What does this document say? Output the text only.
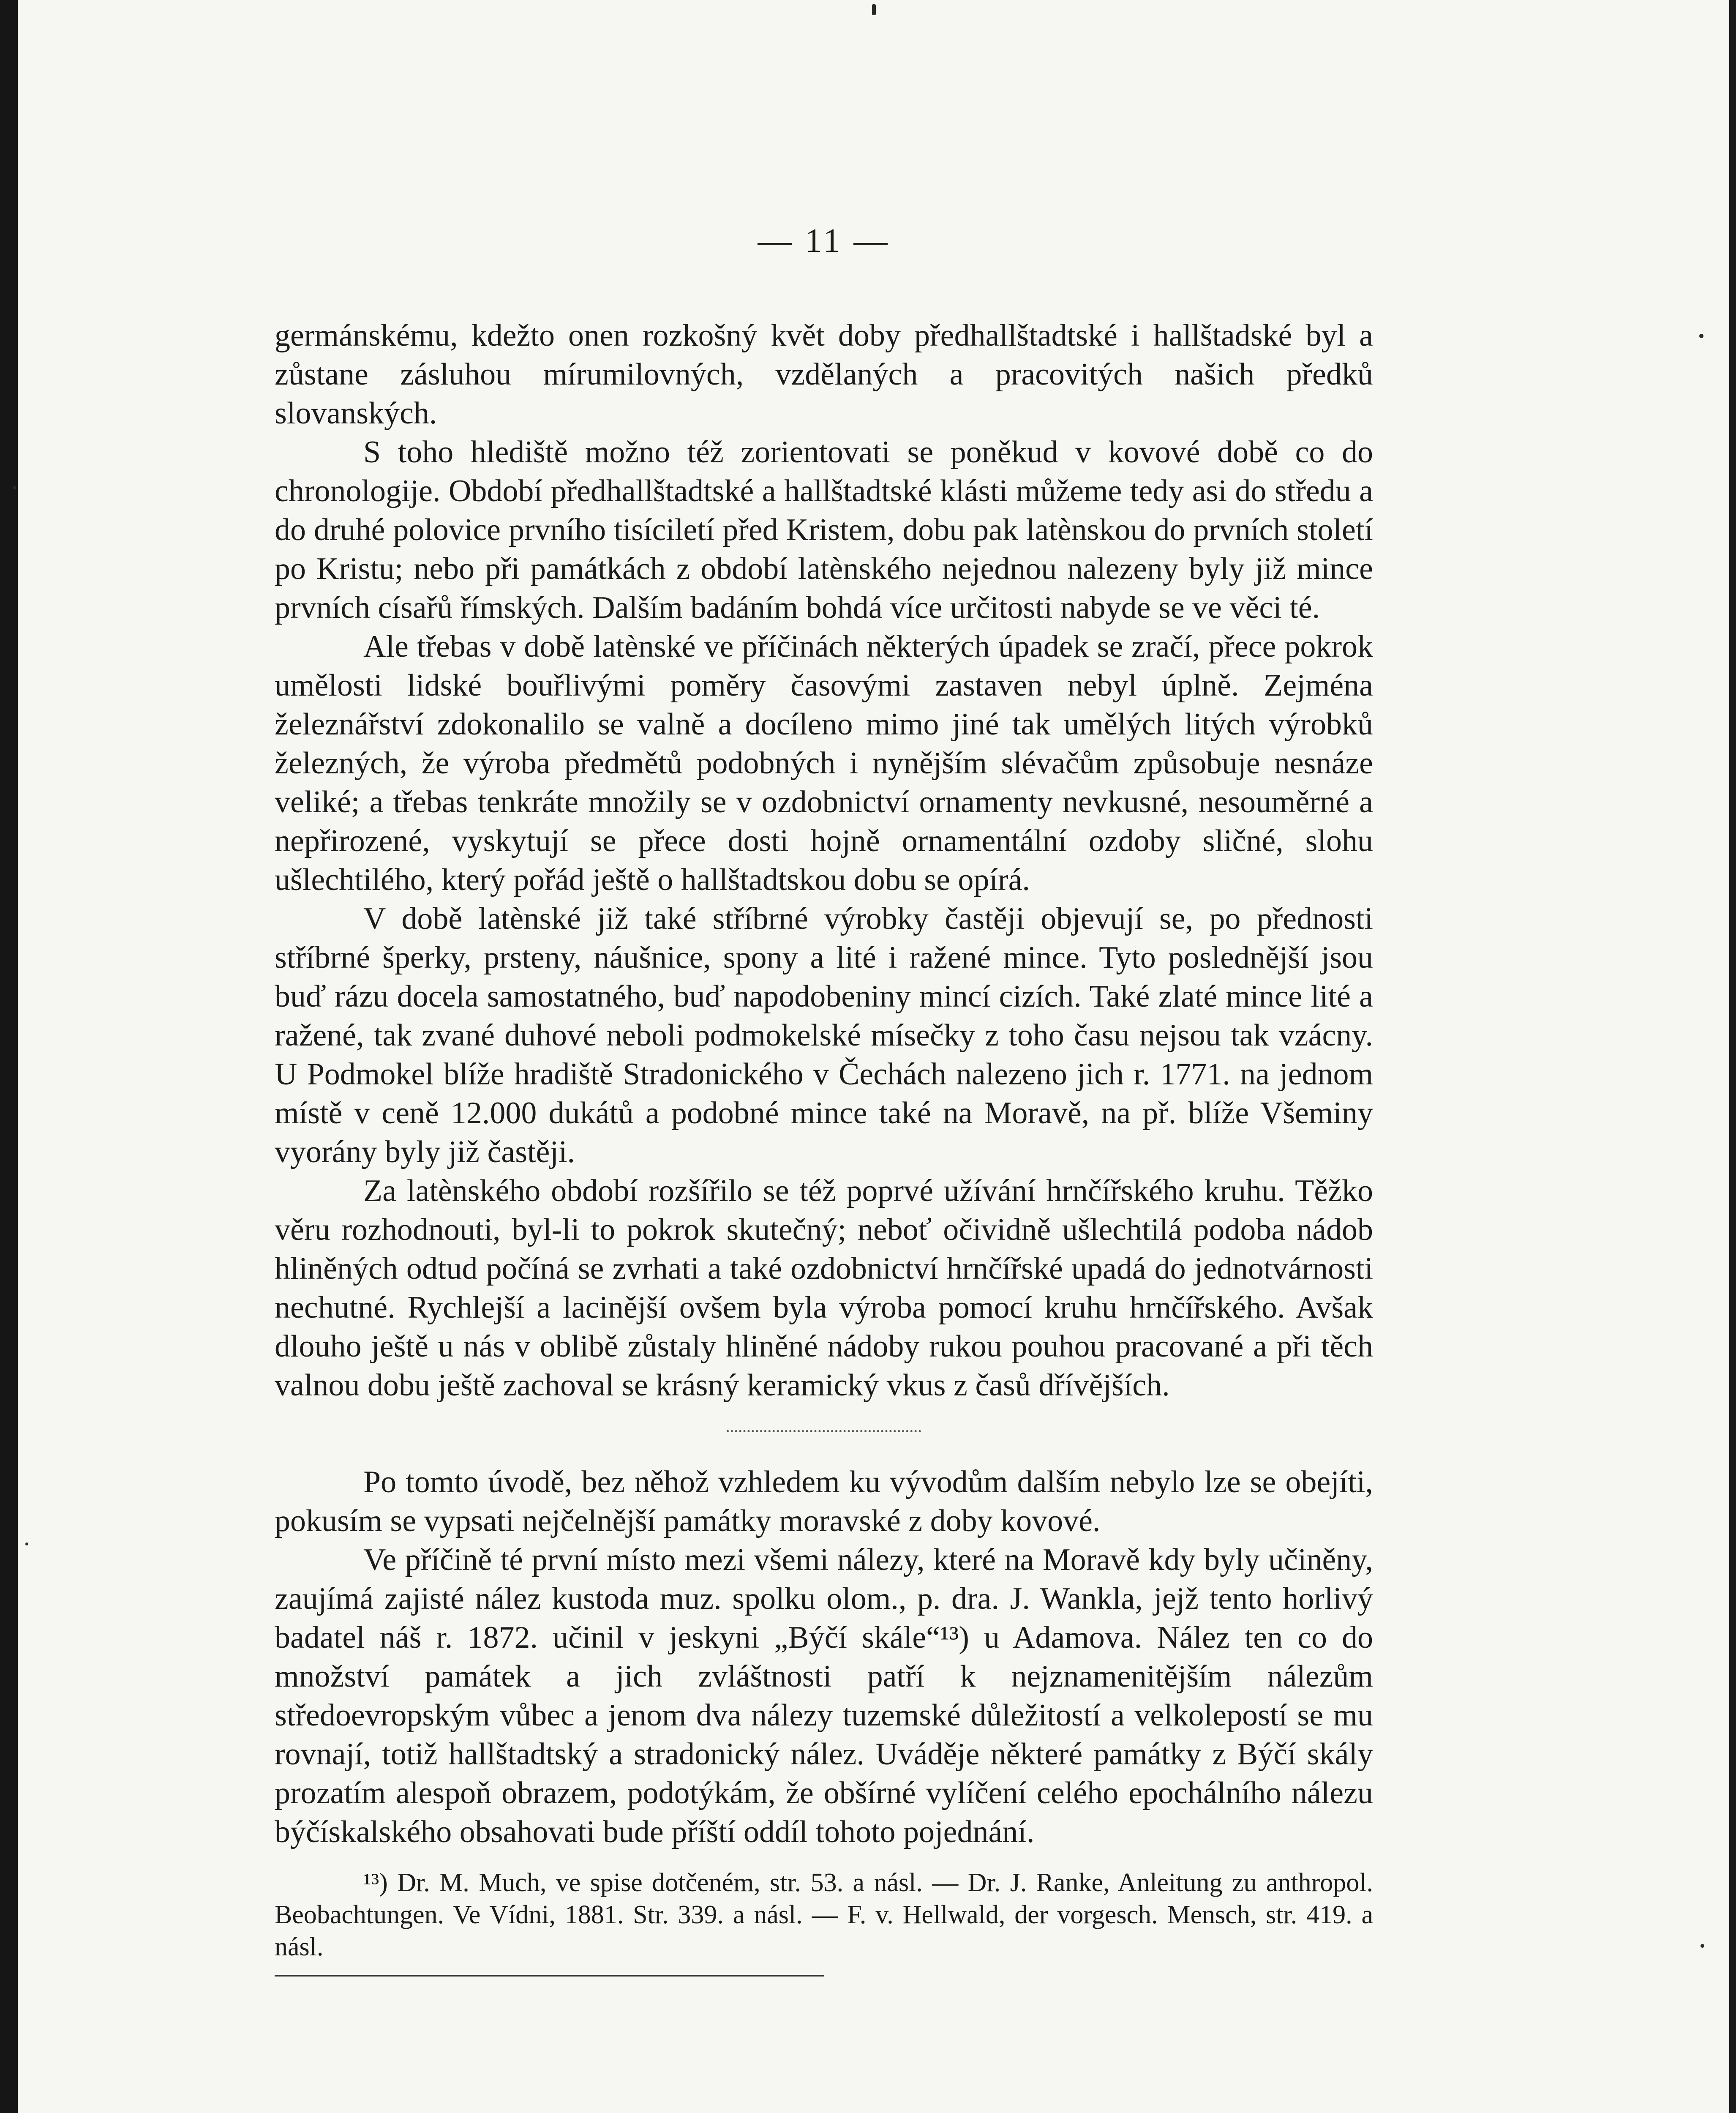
— 11 —

germánskému, kdežto onen rozkošný květ doby předhallštadtské i hallštadské byl a zůstane zásluhou mírumilovných, vzdělaných a pracovitých našich předků slovanských.

S toho hlediště možno též zorientovati se poněkud v kovové době co do chronologije. Období předhallštadtské a hallštadtské klásti můžeme tedy asi do středu a do druhé polovice prvního tisíciletí před Kristem, dobu pak latènskou do prvních století po Kristu; nebo při památkách z období latènského nejednou nalezeny byly již mince prvních císařů římských. Dalším badáním bohdá více určitosti nabyde se ve věci té.

Ale třebas v době latènské ve příčinách některých úpadek se zračí, přece pokrok umělosti lidské bouřlivými poměry časovými zastaven nebyl úplně. Zejména železnářství zdokonalilo se valně a docíleno mimo jiné tak umělých litých výrobků železných, že výroba předmětů podobných i nynějším slévačům způsobuje nesnáze veliké; a třebas tenkráte množily se v ozdobnictví ornamenty nevkusné, nesouměrné a nepřirozené, vyskytují se přece dosti hojně ornamentální ozdoby sličné, slohu ušlechtilého, který pořád ještě o hallštadtskou dobu se opírá.

V době latènské již také stříbrné výrobky častěji objevují se, po přednosti stříbrné šperky, prsteny, náušnice, spony a lité i ražené mince. Tyto poslednější jsou buď rázu docela samostatného, buď napodobeniny mincí cizích. Také zlaté mince lité a ražené, tak zvané duhové neboli podmokelské mísečky z toho času nejsou tak vzácny. U Podmokel blíže hradiště Stradonického v Čechách nalezeno jich r. 1771. na jednom místě v ceně 12.000 dukátů a podobné mince také na Moravě, na př. blíže Všeminy vyorány byly již častěji.

Za latènského období rozšířilo se též poprvé užívání hrnčířského kruhu. Těžko věru rozhodnouti, byl-li to pokrok skutečný; neboť očividně ušlechtilá podoba nádob hliněných odtud počíná se zvrhati a také ozdobnictví hrnčířské upadá do jednotvárnosti nechutné. Rychlejší a lacinější ovšem byla výroba pomocí kruhu hrnčířského. Avšak dlouho ještě u nás v oblibě zůstaly hliněné nádoby rukou pouhou pracované a při těch valnou dobu ještě zachoval se krásný keramický vkus z časů dřívějších.

Po tomto úvodě, bez něhož vzhledem ku vývodům dalším nebylo lze se obejíti, pokusím se vypsati nejčelnější památky moravské z doby kovové.

Ve příčině té první místo mezi všemi nálezy, které na Moravě kdy byly učiněny, zaujímá zajisté nález kustoda muz. spolku olom., p. dra. J. Wankla, jejž tento horlivý badatel náš r. 1872. učinil v jeskyni „Býčí skále“¹³) u Adamova. Nález ten co do množství památek a jich zvláštnosti patří k nejznamenitějším nálezům středoevropským vůbec a jenom dva nálezy tuzemské důležitostí a velkolepostí se mu rovnají, totiž hallštadtský a stradonický nález. Uváděje některé památky z Býčí skály prozatím alespoň obrazem, podotýkám, že obšírné vylíčení celého epochálního nálezu býčískalského obsahovati bude příští oddíl tohoto pojednání.

¹³) Dr. M. Much, ve spise dotčeném, str. 53. a násl. — Dr. J. Ranke, Anleitung zu anthropol. Beobachtungen. Ve Vídni, 1881. Str. 339. a násl. — F. v. Hellwald, der vorgesch. Mensch, str. 419. a násl.
